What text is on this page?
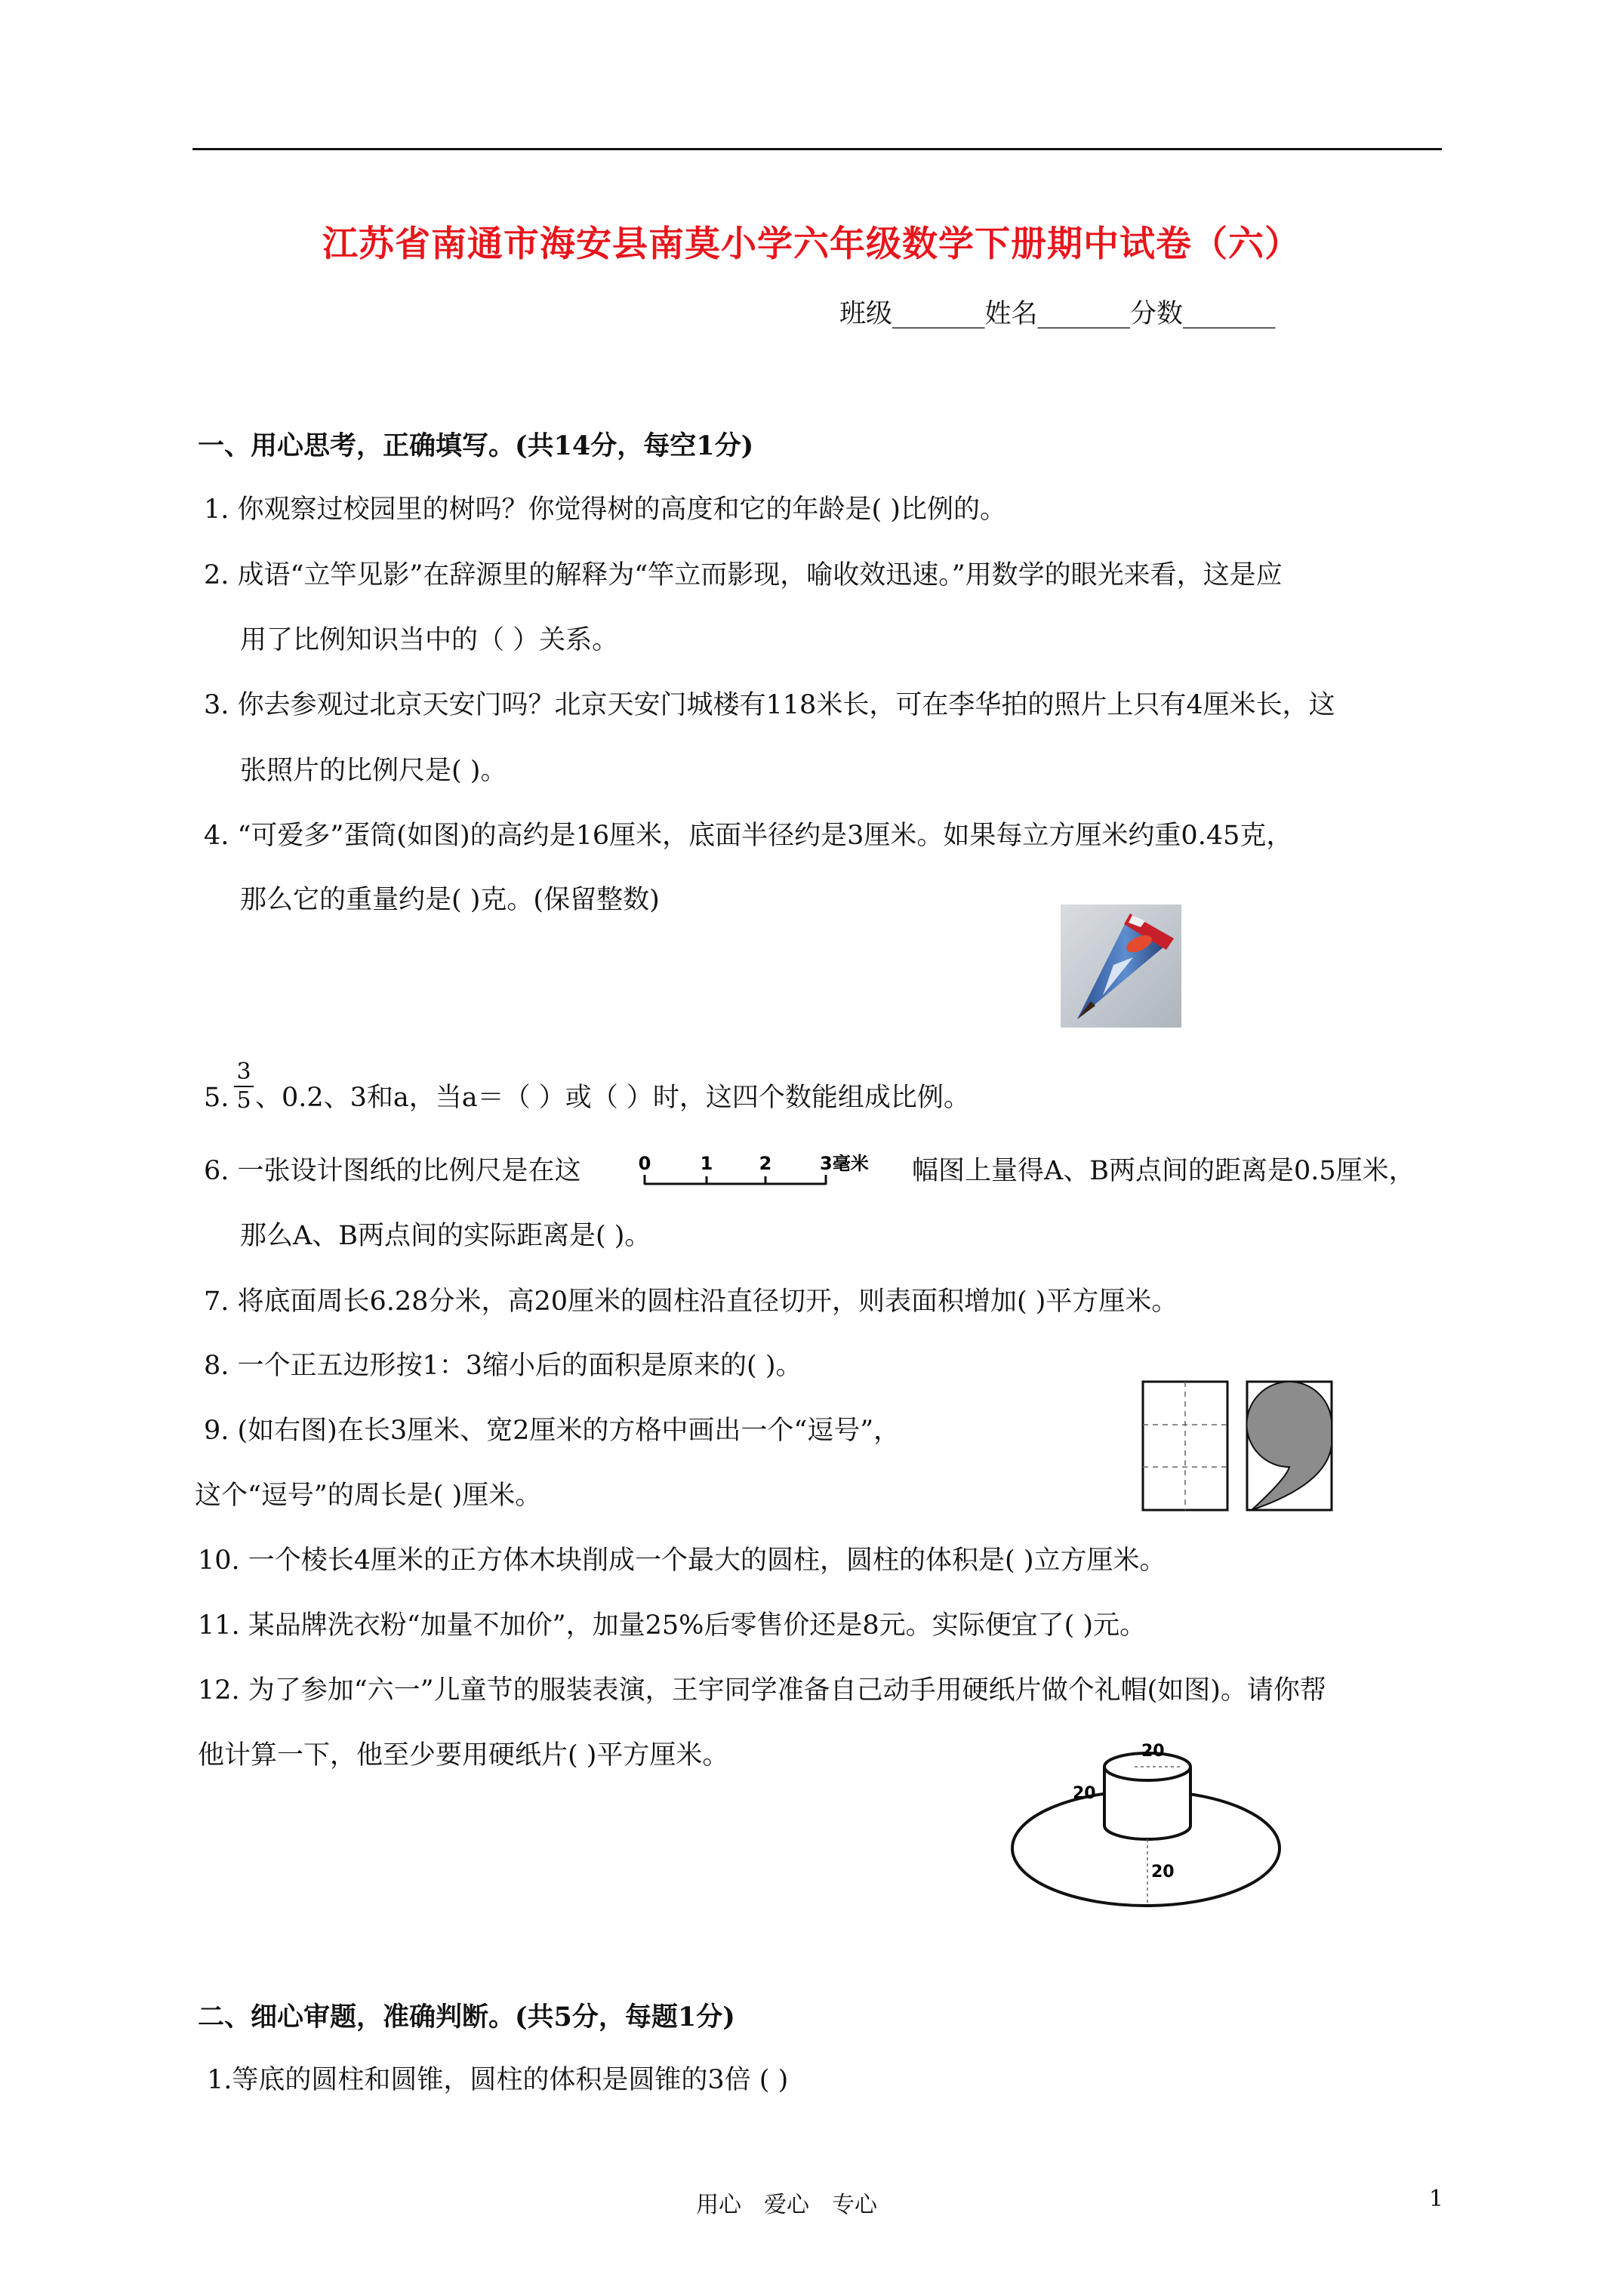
江苏省南通市海安县南莫小学六年级数学下册期中试卷（六）
班级_______姓名_______分数_______
一、用心思考，正确填写。(共14分，每空1分)
1. 你观察过校园里的树吗？你觉得树的高度和它的年龄是( )比例的。
2. 成语“立竿见影”在辞源里的解释为“竿立而影现，喻收效迅速。”用数学的眼光来看，这是应
用了比例知识当中的（ ）关系。
3. 你去参观过北京天安门吗？北京天安门城楼有118米长，可在李华拍的照片上只有4厘米长，这
张照片的比例尺是( )。
4. “可爱多”蛋筒(如图)的高约是16厘米，底面半径约是3厘米。如果每立方厘米约重0.45克，
那么它的重量约是( )克。(保留整数)
5.
3
5 、0.2、3和a，当a＝（ ）或（ ）时，这四个数能组成比例。
6. 一张设计图纸的比例尺是在这	0	1	2	3毫米 幅图上量得A、B两点间的距离是0.5厘米，
那么A、B两点间的实际距离是( )。
7. 将底面周长6.28分米，高20厘米的圆柱沿直径切开，则表面积增加( )平方厘米。
8. 一个正五边形按1：3缩小后的面积是原来的( )。
9. (如右图)在长3厘米、宽2厘米的方格中画出一个“逗号”，
这个“逗号”的周长是( )厘米。
10. 一个棱长4厘米的正方体木块削成一个最大的圆柱，圆柱的体积是( )立方厘米。
11. 某品牌洗衣粉“加量不加价”，加量25%后零售价还是8元。实际便宜了( )元。
12. 为了参加“六一”儿童节的服装表演，王宇同学准备自己动手用硬纸片做个礼帽(如图)。请你帮
他计算一下，他至少要用硬纸片( )平方厘米。	20
20
20
二、细心审题，准确判断。(共5分，每题1分)
1.等底的圆柱和圆锥，圆柱的体积是圆锥的3倍 ( )
用心　爱心　专心	1
